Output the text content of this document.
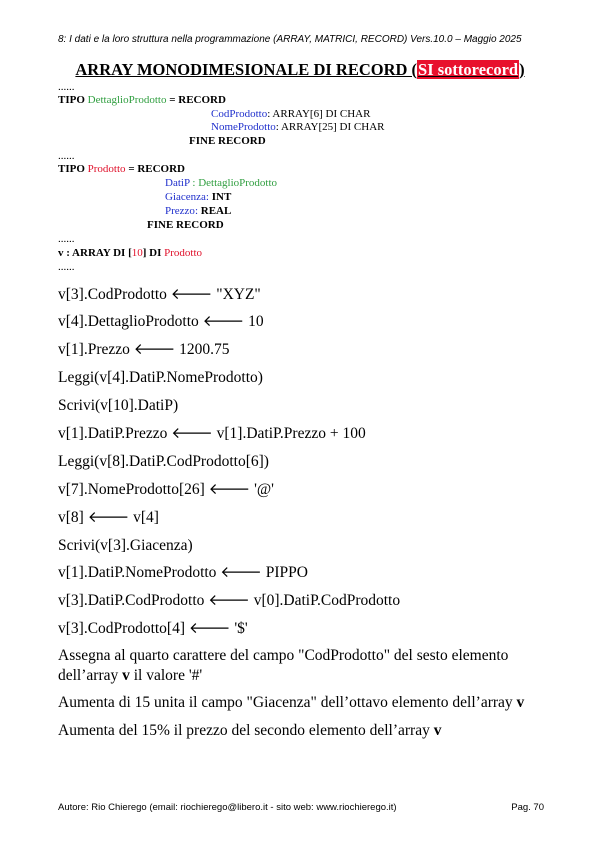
8: I dati e la loro struttura nella programmazione (ARRAY, MATRICI, RECORD) Vers.10.0 – Maggio 2025
ARRAY MONODIMESIONALE DI RECORD (SI sottorecord)
......
TIPO DettaglioProdotto = RECORD
CodProdotto: ARRAY[6] DI CHAR
NomeProdotto: ARRAY[25] DI CHAR
FINE RECORD
......
TIPO Prodotto = RECORD
DatiP : DettaglioProdotto
Giacenza: INT
Prezzo: REAL
FINE RECORD
......
v : ARRAY DI [10] DI Prodotto
......
v[3].CodProdotto 🡐 "XYZ"
v[4].DettaglioProdotto 🡐 10
v[1].Prezzo 🡐 1200.75
Leggi(v[4].DatiP.NomeProdotto)
Scrivi(v[10].DatiP)
v[1].DatiP.Prezzo 🡐 v[1].DatiP.Prezzo + 100
Leggi(v[8].DatiP.CodProdotto[6])
v[7].NomeProdotto[26] 🡐 '@'
v[8] 🡐 v[4]
Scrivi(v[3].Giacenza)
v[1].DatiP.NomeProdotto 🡐 PIPPO
v[3].DatiP.CodProdotto 🡐 v[0].DatiP.CodProdotto
v[3].CodProdotto[4] 🡐 '$'
Assegna al quarto carattere del campo "CodProdotto" del sesto elemento
dell’array v il valore '#'
Aumenta di 15 unita il campo "Giacenza" dell’ottavo elemento dell’array v
Aumenta del 15% il prezzo del secondo elemento dell’array v
Autore: Rio Chierego (email: riochierego@libero.it - sito web: www.riochierego.it)	Pag. 70
